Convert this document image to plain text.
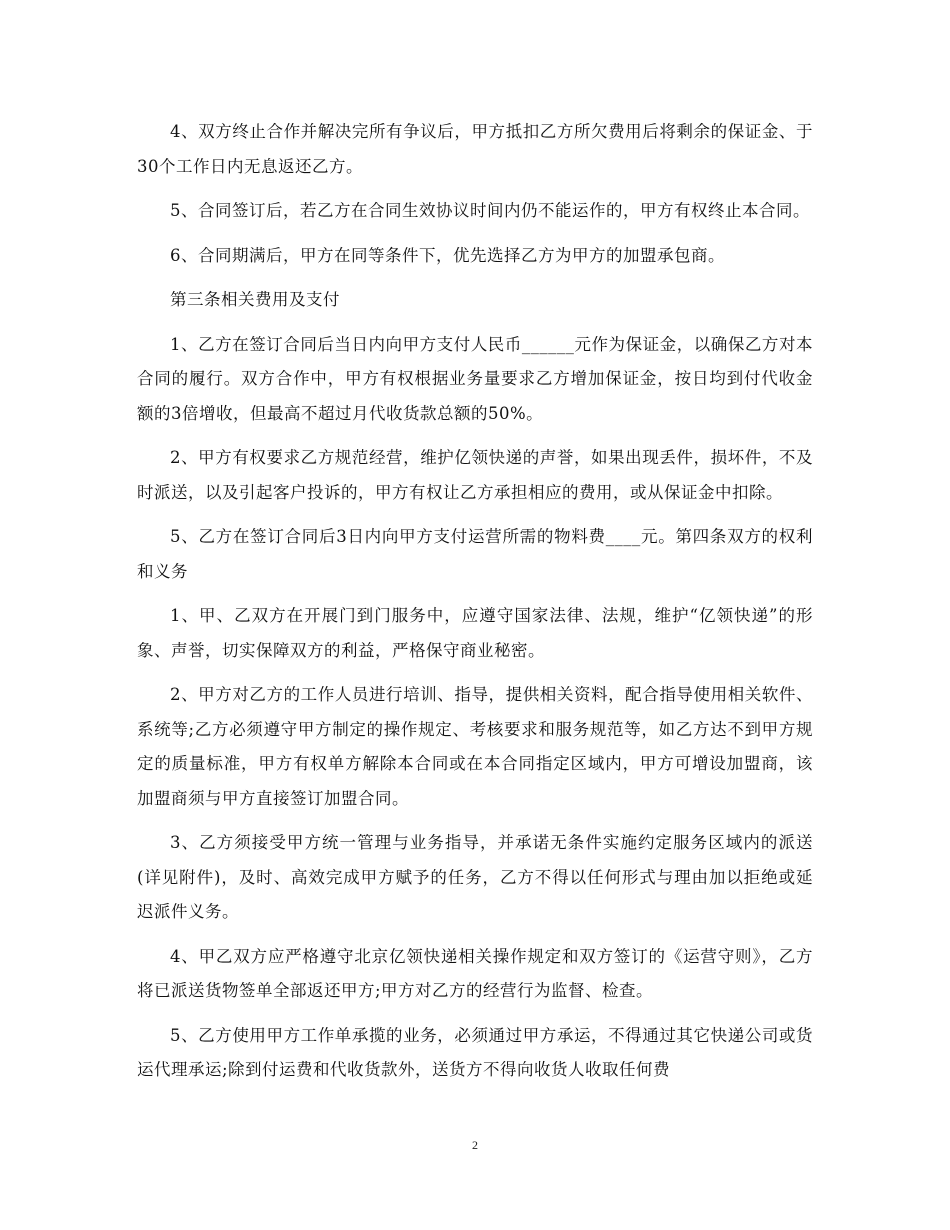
4、双方终止合作并解决完所有争议后，甲方抵扣乙方所欠费用后将剩余的保证金、于30个工作日内无息返还乙方。

5、合同签订后，若乙方在合同生效协议时间内仍不能运作的，甲方有权终止本合同。

6、合同期满后，甲方在同等条件下，优先选择乙方为甲方的加盟承包商。

第三条相关费用及支付

1、乙方在签订合同后当日内向甲方支付人民币______元作为保证金，以确保乙方对本合同的履行。双方合作中，甲方有权根据业务量要求乙方增加保证金，按日均到付代收金额的3倍增收，但最高不超过月代收货款总额的50%。

2、甲方有权要求乙方规范经营，维护亿领快递的声誉，如果出现丢件，损坏件，不及时派送，以及引起客户投诉的，甲方有权让乙方承担相应的费用，或从保证金中扣除。

5、乙方在签订合同后3日内向甲方支付运营所需的物料费____元。第四条双方的权利和义务

1、甲、乙双方在开展门到门服务中，应遵守国家法律、法规，维护“亿领快递”的形象、声誉，切实保障双方的利益，严格保守商业秘密。

2、甲方对乙方的工作人员进行培训、指导，提供相关资料，配合指导使用相关软件、系统等;乙方必须遵守甲方制定的操作规定、考核要求和服务规范等，如乙方达不到甲方规定的质量标准，甲方有权单方解除本合同或在本合同指定区域内，甲方可增设加盟商，该加盟商须与甲方直接签订加盟合同。

3、乙方须接受甲方统一管理与业务指导，并承诺无条件实施约定服务区域内的派送(详见附件)，及时、高效完成甲方赋予的任务，乙方不得以任何形式与理由加以拒绝或延迟派件义务。

4、甲乙双方应严格遵守北京亿领快递相关操作规定和双方签订的《运营守则》，乙方将已派送货物签单全部返还甲方;甲方对乙方的经营行为监督、检查。

5、乙方使用甲方工作单承揽的业务，必须通过甲方承运，不得通过其它快递公司或货运代理承运;除到付运费和代收货款外，送货方不得向收货人收取任何费

2
